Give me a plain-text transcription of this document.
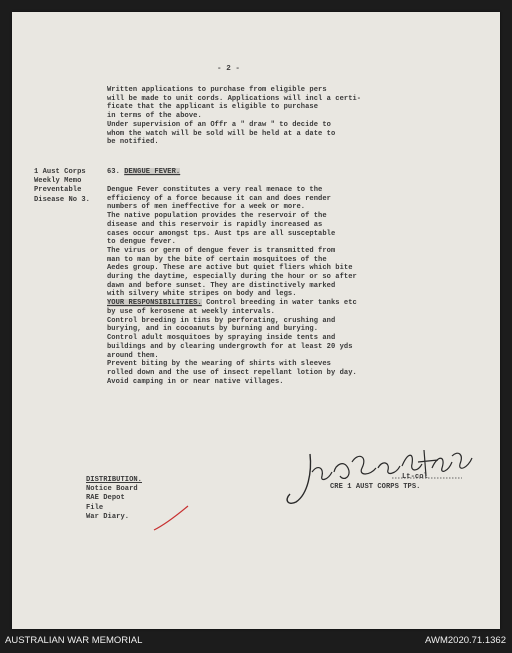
- 2 -
Written applications to purchase from eligible pers
will be made to unit cords. Applications will incl a certi-
ficate that the applicant is eligible to purchase
in terms of the above.
Under supervision of an Offr a " draw " to decide to
whom the watch will be sold will be held at a date to
be notified.
1 Aust Corps
Weekly Memo
Preventable
Disease No 3.
63. DENGUE FEVER.
Dengue Fever constitutes a very real menace to the
efficiency of a force because it can and does render
numbers of men ineffective for a week or more.
The native population provides the reservoir of the
disease and this reservoir is rapidly increased as
cases occur amongst tps. Aust tps are all susceptable
to dengue fever.
The virus or germ of dengue fever is transmitted from
man to man by the bite of certain mosquitoes of the
Aedes group. These are active but quiet fliers which bite
during the daytime, especially during the hour or so after
dawn and before sunset. They are distinctively marked
with silvery white stripes on body and legs.
YOUR RESPONSIBILITIES. Control breeding in water tanks etc
by use of kerosene at weekly intervals.
Control breeding in tins by perforating, crushing and
burying, and in cocoanuts by burning and burying.
Control adult mosquitoes by spraying inside tents and
buildings and by clearing undergrowth for at least 20 yds
around them.
Prevent biting by the wearing of shirts with sleeves
rolled down and the use of insect repellant lotion by day.
Avoid camping in or near native villages.
Lt-col
CRE 1 AUST CORPS TPS.
DISTRIBUTION.
Notice Board
RAE Depot
File
War Diary.
AUSTRALIAN WAR MEMORIAL	AWM2020.71.1362
